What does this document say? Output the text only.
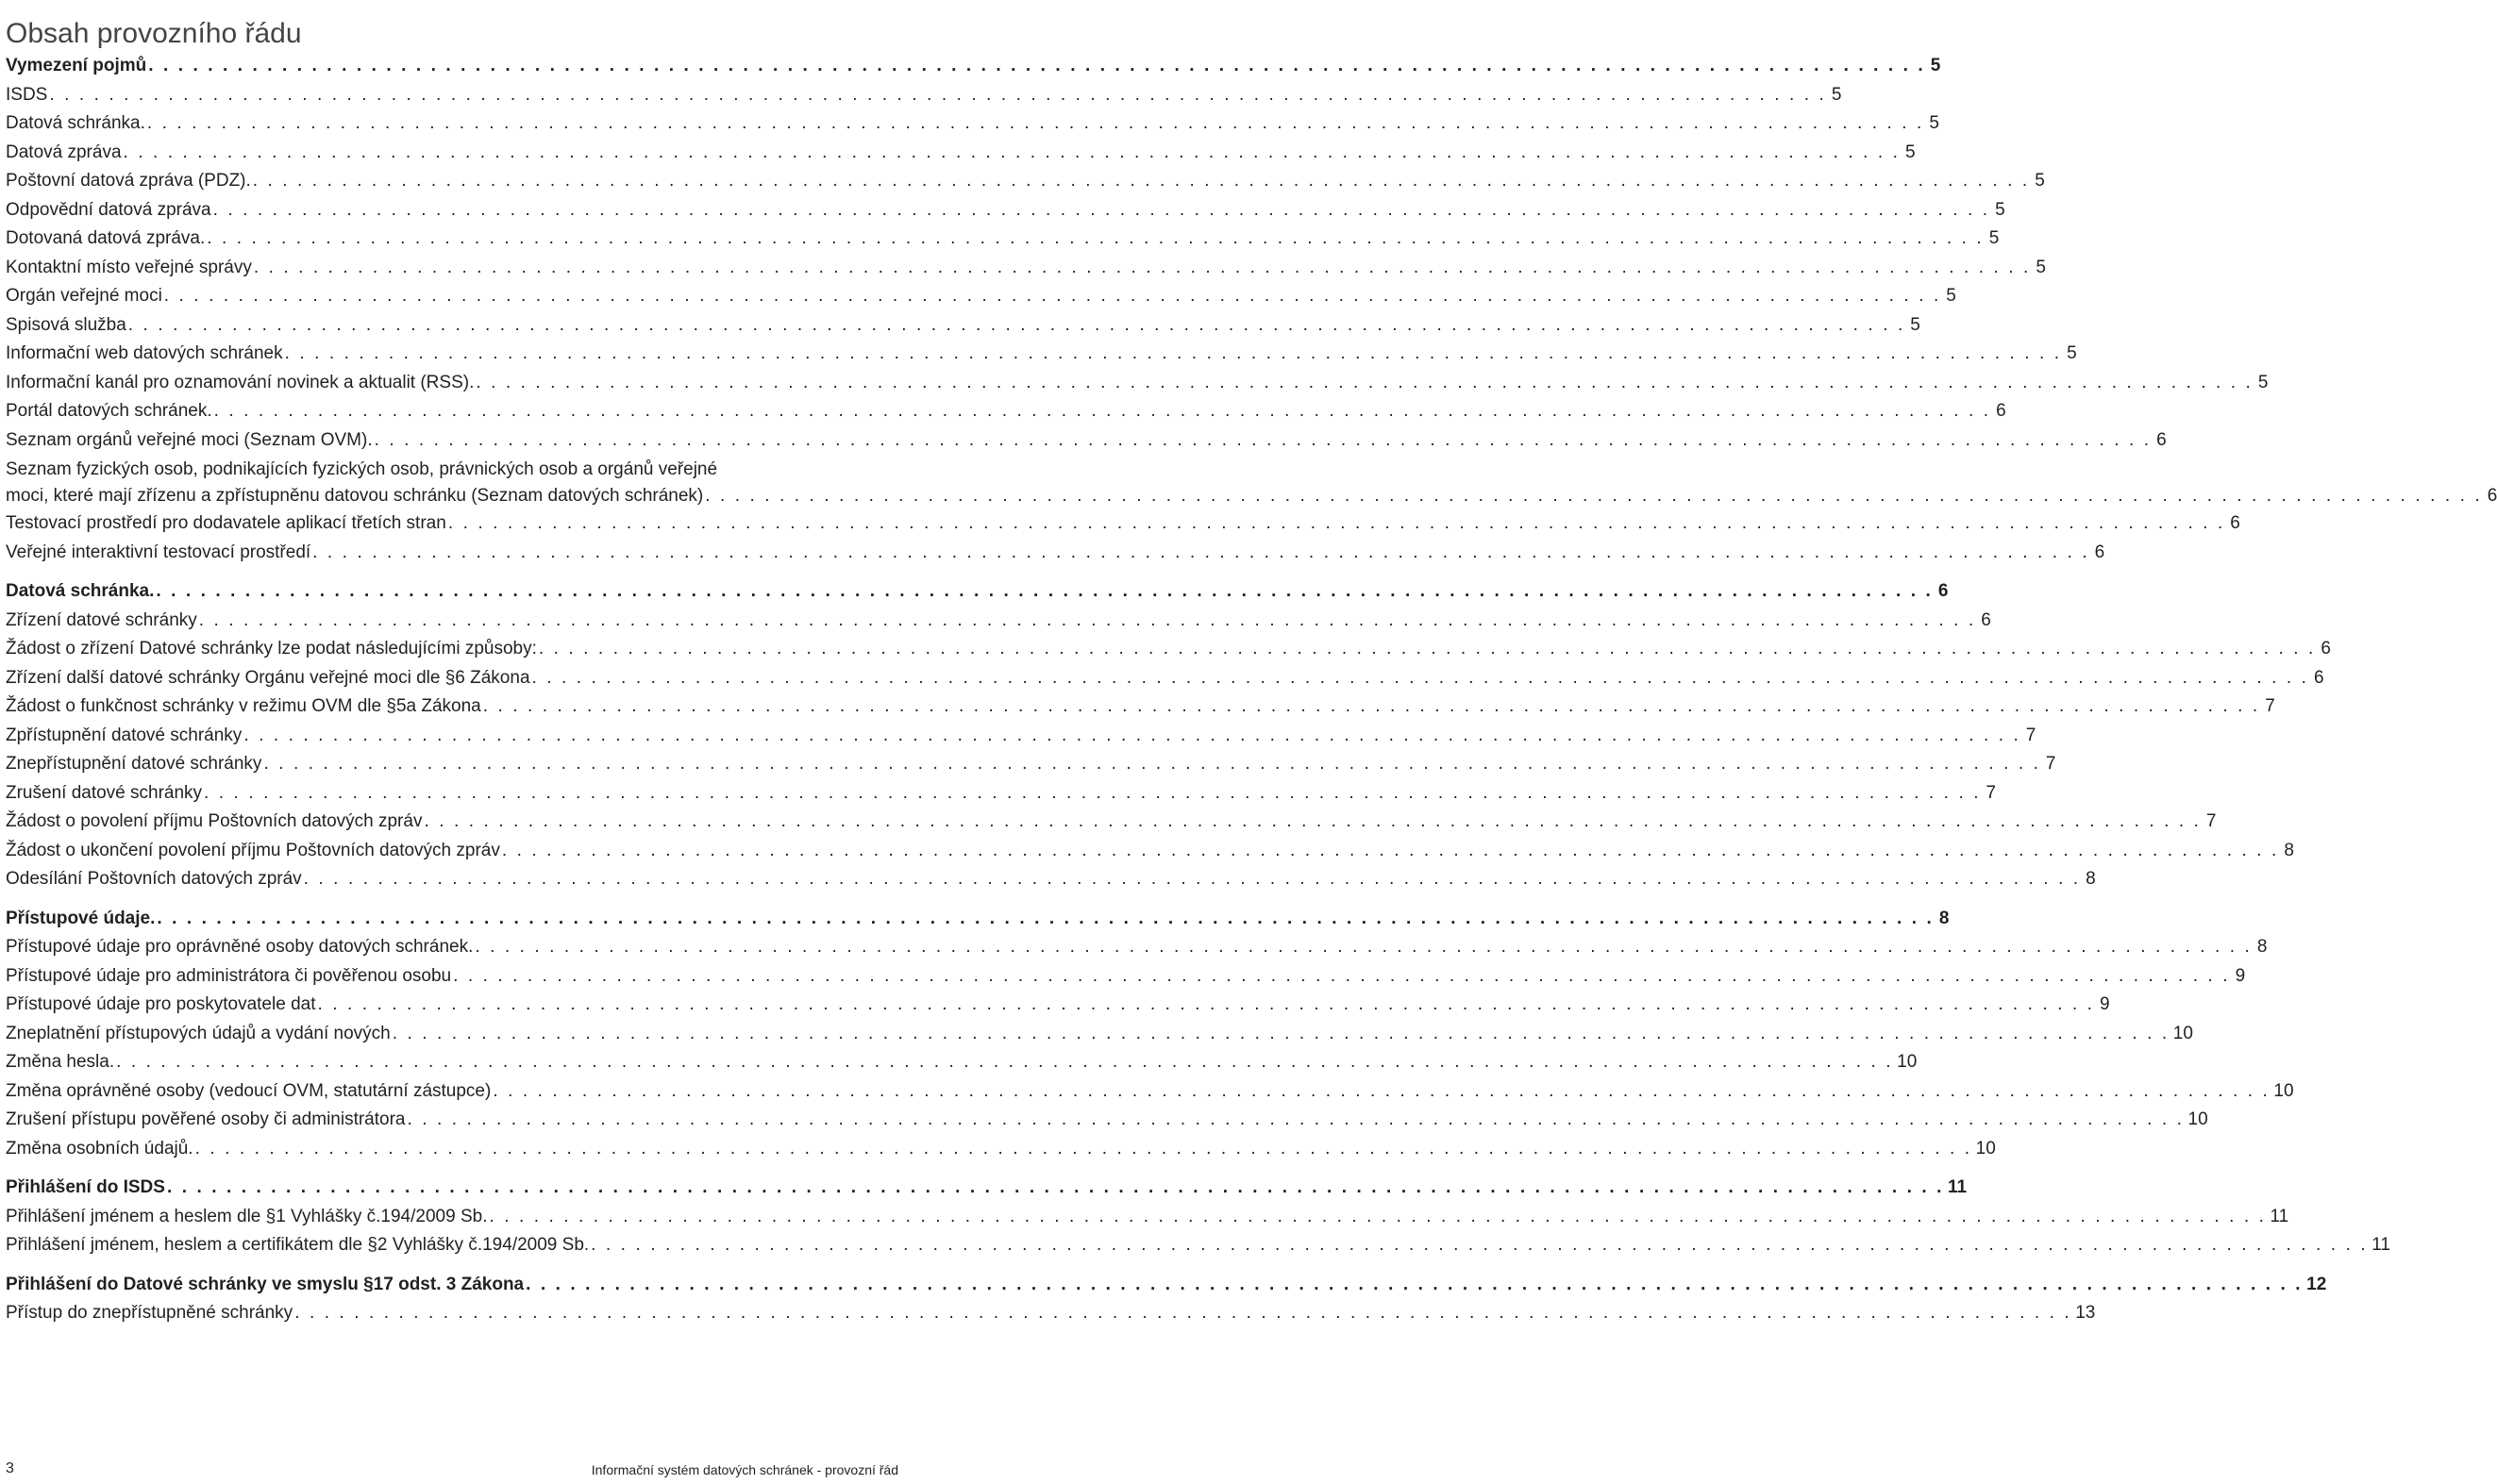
Obsah provozního řádu
Vymezení pojmů . . . . . . . . . . . . . . . . . . . . . . . . . . . . . . . . . . . . . . . . . . . . . . . . . . . . . . . . . . . . . . . . . . . . . . . . . . . . . . . . . . . . . . . . . . . . . . . . . . . . . . . . . . . . . . . . . . . . . . . . 5
ISDS . . . . . . . . . . . . . . . . . . . . . . . . . . . . . . . . . . . . . . . . . . . . . . . . . . . . . . . . . . . . . . . . . . . . . . . . . . . . . . . . . . . . . . . . . . . . . . . . . . . . . . . . . . . . . . . . . . . . . . . . 5
Datová schránka. . . . . . . . . . . . . . . . . . . . . . . . . . . . . . . . . . . . . . . . . . . . . . . . . . . . . . . . . . . . . . . . . . . . . . . . . . . . . . . . . . . . . . . . . . . . . . . . . . . . . . . . . . . . . . . . . . . . . . . . . 5
Datová zpráva . . . . . . . . . . . . . . . . . . . . . . . . . . . . . . . . . . . . . . . . . . . . . . . . . . . . . . . . . . . . . . . . . . . . . . . . . . . . . . . . . . . . . . . . . . . . . . . . . . . . . . . . . . . . . . . . . . . . . . . . 5
Poštovní datová zpráva (PDZ). . . . . . . . . . . . . . . . . . . . . . . . . . . . . . . . . . . . . . . . . . . . . . . . . . . . . . . . . . . . . . . . . . . . . . . . . . . . . . . . . . . . . . . . . . . . . . . . . . . . . . . . . . . . . . . . . . . . . . . . . 5
Odpovědní datová zpráva . . . . . . . . . . . . . . . . . . . . . . . . . . . . . . . . . . . . . . . . . . . . . . . . . . . . . . . . . . . . . . . . . . . . . . . . . . . . . . . . . . . . . . . . . . . . . . . . . . . . . . . . . . . . . . . . . . . . . . . . 5
Dotovaná datová zpráva. . . . . . . . . . . . . . . . . . . . . . . . . . . . . . . . . . . . . . . . . . . . . . . . . . . . . . . . . . . . . . . . . . . . . . . . . . . . . . . . . . . . . . . . . . . . . . . . . . . . . . . . . . . . . . . . . . . . . . . . . 5
Kontaktní místo veřejné správy . . . . . . . . . . . . . . . . . . . . . . . . . . . . . . . . . . . . . . . . . . . . . . . . . . . . . . . . . . . . . . . . . . . . . . . . . . . . . . . . . . . . . . . . . . . . . . . . . . . . . . . . . . . . . . . . . . . . . . . . 5
Orgán veřejné moci . . . . . . . . . . . . . . . . . . . . . . . . . . . . . . . . . . . . . . . . . . . . . . . . . . . . . . . . . . . . . . . . . . . . . . . . . . . . . . . . . . . . . . . . . . . . . . . . . . . . . . . . . . . . . . . . . . . . . . . . 5
Spisová služba . . . . . . . . . . . . . . . . . . . . . . . . . . . . . . . . . . . . . . . . . . . . . . . . . . . . . . . . . . . . . . . . . . . . . . . . . . . . . . . . . . . . . . . . . . . . . . . . . . . . . . . . . . . . . . . . . . . . . . . . 5
Informační web datových schránek . . . . . . . . . . . . . . . . . . . . . . . . . . . . . . . . . . . . . . . . . . . . . . . . . . . . . . . . . . . . . . . . . . . . . . . . . . . . . . . . . . . . . . . . . . . . . . . . . . . . . . . . . . . . . . . . . . . . . . . . 5
Informační kanál pro oznamování novinek a aktualit (RSS). . . . . . . . . . . . . . . . . . . . . . . . . . . . . . . . . . . . . . . . . . . . . . . . . . . . . . . . . . . . . . . . . . . . . . . . . . . . . . . . . . . . . . . . . . . . . . . . . . . . . . . . . . . . . . . . . . . . . . . . . 5
Portál datových schránek. . . . . . . . . . . . . . . . . . . . . . . . . . . . . . . . . . . . . . . . . . . . . . . . . . . . . . . . . . . . . . . . . . . . . . . . . . . . . . . . . . . . . . . . . . . . . . . . . . . . . . . . . . . . . . . . . . . . . . . . . 6
Seznam orgánů veřejné moci (Seznam OVM). . . . . . . . . . . . . . . . . . . . . . . . . . . . . . . . . . . . . . . . . . . . . . . . . . . . . . . . . . . . . . . . . . . . . . . . . . . . . . . . . . . . . . . . . . . . . . . . . . . . . . . . . . . . . . . . . . . . . . . . . 6
Seznam fyzických osob, podnikajících fyzických osob, právnických osob a orgánů veřejné
moci, které mají zřízenu a zpřístupněnu datovou schránku (Seznam datových schránek) . . . . . . . . . . . . . . . . . . . . . . . . . . . . . . . . . . . . . . . . . . . . . . . . . . . . . . . . . . . . . . . . . . . . . . . . . . . . . . . . . . . . . . . . . . . . . . . . . . . . . . . . . . . . . . . . . . . . . . . . 6
Testovací prostředí pro dodavatele aplikací třetích stran . . . . . . . . . . . . . . . . . . . . . . . . . . . . . . . . . . . . . . . . . . . . . . . . . . . . . . . . . . . . . . . . . . . . . . . . . . . . . . . . . . . . . . . . . . . . . . . . . . . . . . . . . . . . . . . . . . . . . . . . 6
Veřejné interaktivní testovací prostředí . . . . . . . . . . . . . . . . . . . . . . . . . . . . . . . . . . . . . . . . . . . . . . . . . . . . . . . . . . . . . . . . . . . . . . . . . . . . . . . . . . . . . . . . . . . . . . . . . . . . . . . . . . . . . . . . . . . . . . . . 6
Datová schránka. . . . . . . . . . . . . . . . . . . . . . . . . . . . . . . . . . . . . . . . . . . . . . . . . . . . . . . . . . . . . . . . . . . . . . . . . . . . . . . . . . . . . . . . . . . . . . . . . . . . . . . . . . . . . . . . . . . . . . . . . 6
Zřízení datové schránky . . . . . . . . . . . . . . . . . . . . . . . . . . . . . . . . . . . . . . . . . . . . . . . . . . . . . . . . . . . . . . . . . . . . . . . . . . . . . . . . . . . . . . . . . . . . . . . . . . . . . . . . . . . . . . . . . . . . . . . . 6
Žádost o zřízení Datové schránky lze podat následujícími způsoby: . . . . . . . . . . . . . . . . . . . . . . . . . . . . . . . . . . . . . . . . . . . . . . . . . . . . . . . . . . . . . . . . . . . . . . . . . . . . . . . . . . . . . . . . . . . . . . . . . . . . . . . . . . . . . . . . . . . . . . . . 6
Zřízení další datové schránky Orgánu veřejné moci dle §6 Zákona . . . . . . . . . . . . . . . . . . . . . . . . . . . . . . . . . . . . . . . . . . . . . . . . . . . . . . . . . . . . . . . . . . . . . . . . . . . . . . . . . . . . . . . . . . . . . . . . . . . . . . . . . . . . . . . . . . . . . . . . 6
Žádost o funkčnost schránky v režimu OVM dle §5a Zákona . . . . . . . . . . . . . . . . . . . . . . . . . . . . . . . . . . . . . . . . . . . . . . . . . . . . . . . . . . . . . . . . . . . . . . . . . . . . . . . . . . . . . . . . . . . . . . . . . . . . . . . . . . . . . . . . . . . . . . . . 7
Zpřístupnění datové schránky . . . . . . . . . . . . . . . . . . . . . . . . . . . . . . . . . . . . . . . . . . . . . . . . . . . . . . . . . . . . . . . . . . . . . . . . . . . . . . . . . . . . . . . . . . . . . . . . . . . . . . . . . . . . . . . . . . . . . . . . 7
Znepřístupnění datové schránky . . . . . . . . . . . . . . . . . . . . . . . . . . . . . . . . . . . . . . . . . . . . . . . . . . . . . . . . . . . . . . . . . . . . . . . . . . . . . . . . . . . . . . . . . . . . . . . . . . . . . . . . . . . . . . . . . . . . . . . . 7
Zrušení datové schránky . . . . . . . . . . . . . . . . . . . . . . . . . . . . . . . . . . . . . . . . . . . . . . . . . . . . . . . . . . . . . . . . . . . . . . . . . . . . . . . . . . . . . . . . . . . . . . . . . . . . . . . . . . . . . . . . . . . . . . . . 7
Žádost o povolení příjmu Poštovních datových zpráv . . . . . . . . . . . . . . . . . . . . . . . . . . . . . . . . . . . . . . . . . . . . . . . . . . . . . . . . . . . . . . . . . . . . . . . . . . . . . . . . . . . . . . . . . . . . . . . . . . . . . . . . . . . . . . . . . . . . . . . . 7
Žádost o ukončení povolení příjmu Poštovních datových zpráv . . . . . . . . . . . . . . . . . . . . . . . . . . . . . . . . . . . . . . . . . . . . . . . . . . . . . . . . . . . . . . . . . . . . . . . . . . . . . . . . . . . . . . . . . . . . . . . . . . . . . . . . . . . . . . . . . . . . . . . . 8
Odesílání Poštovních datových zpráv . . . . . . . . . . . . . . . . . . . . . . . . . . . . . . . . . . . . . . . . . . . . . . . . . . . . . . . . . . . . . . . . . . . . . . . . . . . . . . . . . . . . . . . . . . . . . . . . . . . . . . . . . . . . . . . . . . . . . . . . 8
Přístupové údaje. . . . . . . . . . . . . . . . . . . . . . . . . . . . . . . . . . . . . . . . . . . . . . . . . . . . . . . . . . . . . . . . . . . . . . . . . . . . . . . . . . . . . . . . . . . . . . . . . . . . . . . . . . . . . . . . . . . . . . . . . 8
Přístupové údaje pro oprávněné osoby datových schránek. . . . . . . . . . . . . . . . . . . . . . . . . . . . . . . . . . . . . . . . . . . . . . . . . . . . . . . . . . . . . . . . . . . . . . . . . . . . . . . . . . . . . . . . . . . . . . . . . . . . . . . . . . . . . . . . . . . . . . . . . 8
Přístupové údaje pro administrátora či pověřenou osobu . . . . . . . . . . . . . . . . . . . . . . . . . . . . . . . . . . . . . . . . . . . . . . . . . . . . . . . . . . . . . . . . . . . . . . . . . . . . . . . . . . . . . . . . . . . . . . . . . . . . . . . . . . . . . . . . . . . . . . . . 9
Přístupové údaje pro poskytovatele dat . . . . . . . . . . . . . . . . . . . . . . . . . . . . . . . . . . . . . . . . . . . . . . . . . . . . . . . . . . . . . . . . . . . . . . . . . . . . . . . . . . . . . . . . . . . . . . . . . . . . . . . . . . . . . . . . . . . . . . . . 9
Zneplatnění přístupových údajů a vydání nových . . . . . . . . . . . . . . . . . . . . . . . . . . . . . . . . . . . . . . . . . . . . . . . . . . . . . . . . . . . . . . . . . . . . . . . . . . . . . . . . . . . . . . . . . . . . . . . . . . . . . . . . . . . . . . . . . . . . . . . . 10
Změna hesla. . . . . . . . . . . . . . . . . . . . . . . . . . . . . . . . . . . . . . . . . . . . . . . . . . . . . . . . . . . . . . . . . . . . . . . . . . . . . . . . . . . . . . . . . . . . . . . . . . . . . . . . . . . . . . . . . . . . . . . . . 10
Změna oprávněné osoby (vedoucí OVM, statutární zástupce) . . . . . . . . . . . . . . . . . . . . . . . . . . . . . . . . . . . . . . . . . . . . . . . . . . . . . . . . . . . . . . . . . . . . . . . . . . . . . . . . . . . . . . . . . . . . . . . . . . . . . . . . . . . . . . . . . . . . . . . . 10
Zrušení přístupu pověřené osoby či administrátora . . . . . . . . . . . . . . . . . . . . . . . . . . . . . . . . . . . . . . . . . . . . . . . . . . . . . . . . . . . . . . . . . . . . . . . . . . . . . . . . . . . . . . . . . . . . . . . . . . . . . . . . . . . . . . . . . . . . . . . . 10
Změna osobních údajů. . . . . . . . . . . . . . . . . . . . . . . . . . . . . . . . . . . . . . . . . . . . . . . . . . . . . . . . . . . . . . . . . . . . . . . . . . . . . . . . . . . . . . . . . . . . . . . . . . . . . . . . . . . . . . . . . . . . . . . . . 10
Přihlášení do ISDS . . . . . . . . . . . . . . . . . . . . . . . . . . . . . . . . . . . . . . . . . . . . . . . . . . . . . . . . . . . . . . . . . . . . . . . . . . . . . . . . . . . . . . . . . . . . . . . . . . . . . . . . . . . . . . . . . . . . . . . . 11
Přihlášení jménem a heslem dle §1 Vyhlášky č.194/2009 Sb. . . . . . . . . . . . . . . . . . . . . . . . . . . . . . . . . . . . . . . . . . . . . . . . . . . . . . . . . . . . . . . . . . . . . . . . . . . . . . . . . . . . . . . . . . . . . . . . . . . . . . . . . . . . . . . . . . . . . . . . . 11
Přihlášení jménem, heslem a certifikátem dle §2 Vyhlášky č.194/2009 Sb. . . . . . . . . . . . . . . . . . . . . . . . . . . . . . . . . . . . . . . . . . . . . . . . . . . . . . . . . . . . . . . . . . . . . . . . . . . . . . . . . . . . . . . . . . . . . . . . . . . . . . . . . . . . . . . . . . . . . . . . . 11
Přihlášení do Datové schránky ve smyslu §17 odst. 3 Zákona . . . . . . . . . . . . . . . . . . . . . . . . . . . . . . . . . . . . . . . . . . . . . . . . . . . . . . . . . . . . . . . . . . . . . . . . . . . . . . . . . . . . . . . . . . . . . . . . . . . . . . . . . . . . . . . . . . . . . . . . 12
Přístup do znepřístupněné schránky . . . . . . . . . . . . . . . . . . . . . . . . . . . . . . . . . . . . . . . . . . . . . . . . . . . . . . . . . . . . . . . . . . . . . . . . . . . . . . . . . . . . . . . . . . . . . . . . . . . . . . . . . . . . . . . . . . . . . . . . 13
3	Informační systém datových schránek - provozní řád
